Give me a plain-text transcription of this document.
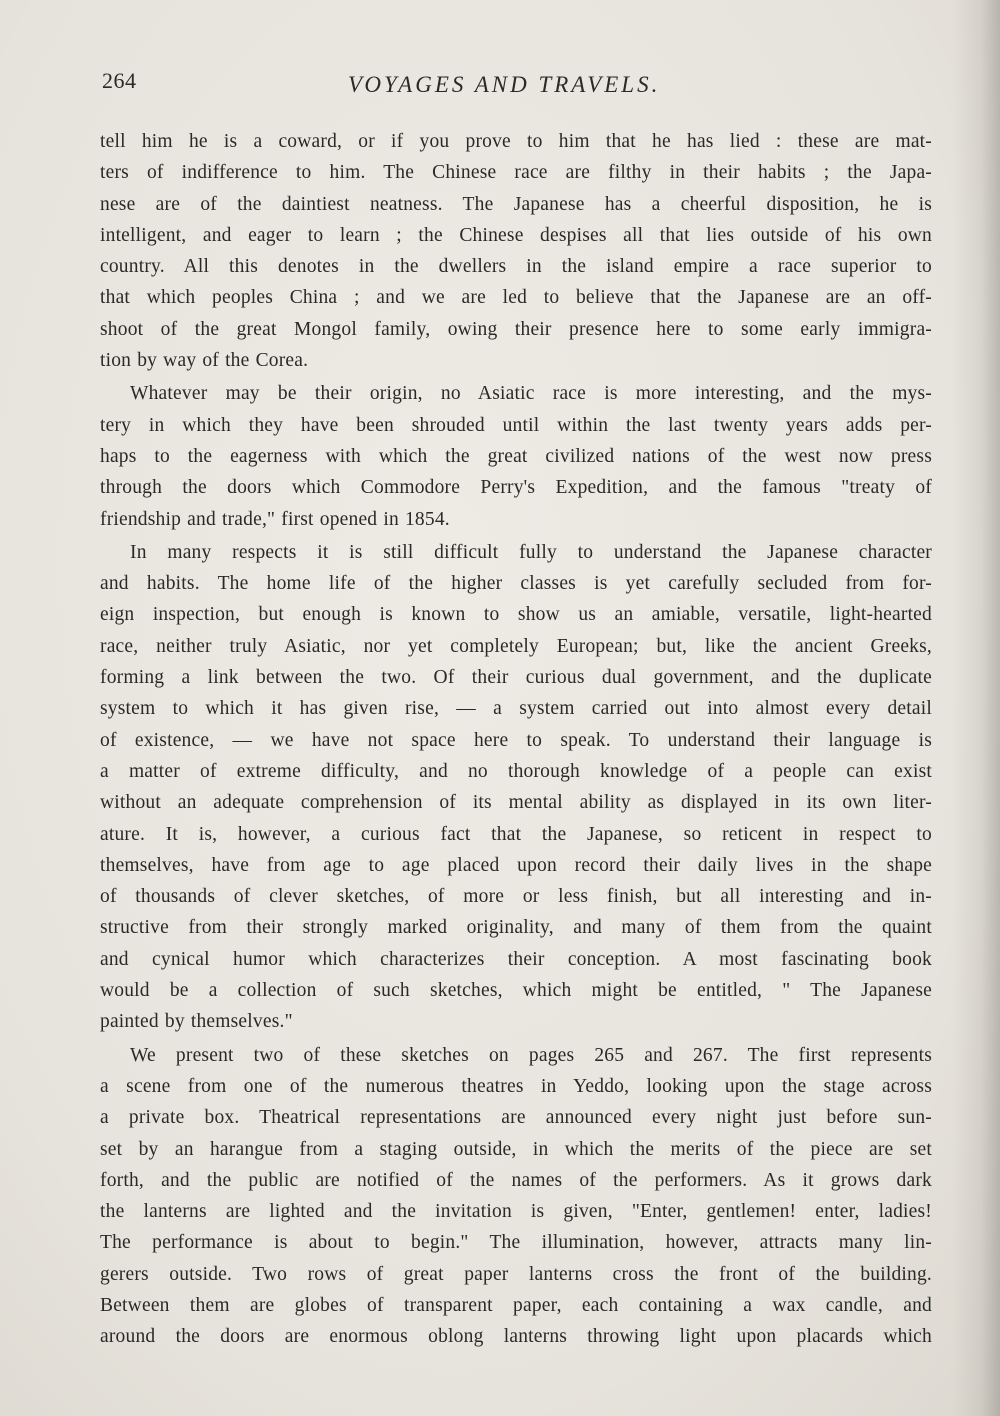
264	VOYAGES AND TRAVELS.
tell him he is a coward, or if you prove to him that he has lied : these are mat-
ters of indifference to him. The Chinese race are filthy in their habits ; the Japa-
nese are of the daintiest neatness. The Japanese has a cheerful disposition, he is
intelligent, and eager to learn ; the Chinese despises all that lies outside of his own
country. All this denotes in the dwellers in the island empire a race superior to
that which peoples China ; and we are led to believe that the Japanese are an off-
shoot of the great Mongol family, owing their presence here to some early immigra-
tion by way of the Corea.
Whatever may be their origin, no Asiatic race is more interesting, and the mys-
tery in which they have been shrouded until within the last twenty years adds per-
haps to the eagerness with which the great civilized nations of the west now press
through the doors which Commodore Perry's Expedition, and the famous "treaty of
friendship and trade," first opened in 1854.
In many respects it is still difficult fully to understand the Japanese character
and habits. The home life of the higher classes is yet carefully secluded from for-
eign inspection, but enough is known to show us an amiable, versatile, light-hearted
race, neither truly Asiatic, nor yet completely European; but, like the ancient Greeks,
forming a link between the two. Of their curious dual government, and the duplicate
system to which it has given rise, — a system carried out into almost every detail
of existence, — we have not space here to speak. To understand their language is
a matter of extreme difficulty, and no thorough knowledge of a people can exist
without an adequate comprehension of its mental ability as displayed in its own liter-
ature. It is, however, a curious fact that the Japanese, so reticent in respect to
themselves, have from age to age placed upon record their daily lives in the shape
of thousands of clever sketches, of more or less finish, but all interesting and in-
structive from their strongly marked originality, and many of them from the quaint
and cynical humor which characterizes their conception. A most fascinating book
would be a collection of such sketches, which might be entitled, " The Japanese
painted by themselves."
We present two of these sketches on pages 265 and 267. The first represents
a scene from one of the numerous theatres in Yeddo, looking upon the stage across
a private box. Theatrical representations are announced every night just before sun-
set by an harangue from a staging outside, in which the merits of the piece are set
forth, and the public are notified of the names of the performers. As it grows dark
the lanterns are lighted and the invitation is given, "Enter, gentlemen! enter, ladies!
The performance is about to begin." The illumination, however, attracts many lin-
gerers outside. Two rows of great paper lanterns cross the front of the building.
Between them are globes of transparent paper, each containing a wax candle, and
around the doors are enormous oblong lanterns throwing light upon placards which
